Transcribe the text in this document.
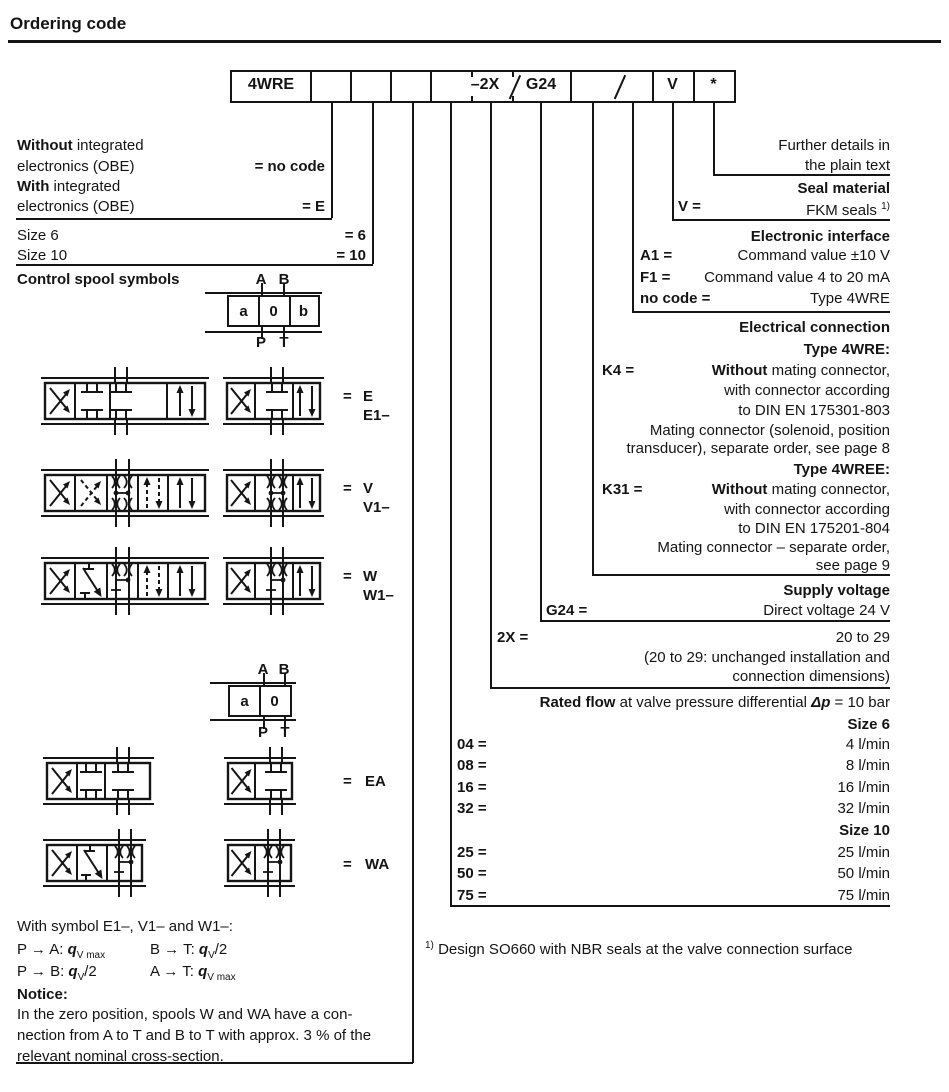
Ordering code
4WRE	–2X	G24	V	*
Without integrated
electronics (OBE)	= no code
With integrated
electronics (OBE)	= E
Size 6	= 6
Size 10	= 10
Control spool symbols	A B
a	0	b
P T
= E
E1–
= V
V1–
= W
W1–
A B
a	0
P T
= EA
= WA
With symbol E1–, V1– and W1–:
P → A: $q_{V max}$	B → T: $q_V/2$
P → B: $q_V/2$	A → T: $q_{V max}$
Notice:
In the zero position, spools W and WA have a con-
nection from A to T and B to T with approx. 3 % of the
relevant nominal cross-section.
Further details in
the plain text
Seal material
V =	FKM seals $^{1)}$
Electronic interface
A1 =	Command value ±10 V
F1 = Command value 4 to 20 mA
no code =	Type 4WRE
Electrical connection
Type 4WRE:
K4 =	Without mating connector,
with connector according
to DIN EN 175301-803
Mating connector (solenoid, position
transducer), separate order, see page 8
Type 4WREE:
K31 =	Without mating connector,
with connector according
to DIN EN 175201-804
Mating connector – separate order,
see page 9
Supply voltage
G24 =	Direct voltage 24 V
2X =	20 to 29
(20 to 29: unchanged installation and
connection dimensions)
Rated flow at valve pressure differential Δp = 10 bar
Size 6
04 =	4 l/min
08 =	8 l/min
16 =	16 l/min
32 =	32 l/min
Size 10
25 =	25 l/min
50 =	50 l/min
75 =	75 l/min
$^{1)}$ Design SO660 with NBR seals at the valve connection surface
